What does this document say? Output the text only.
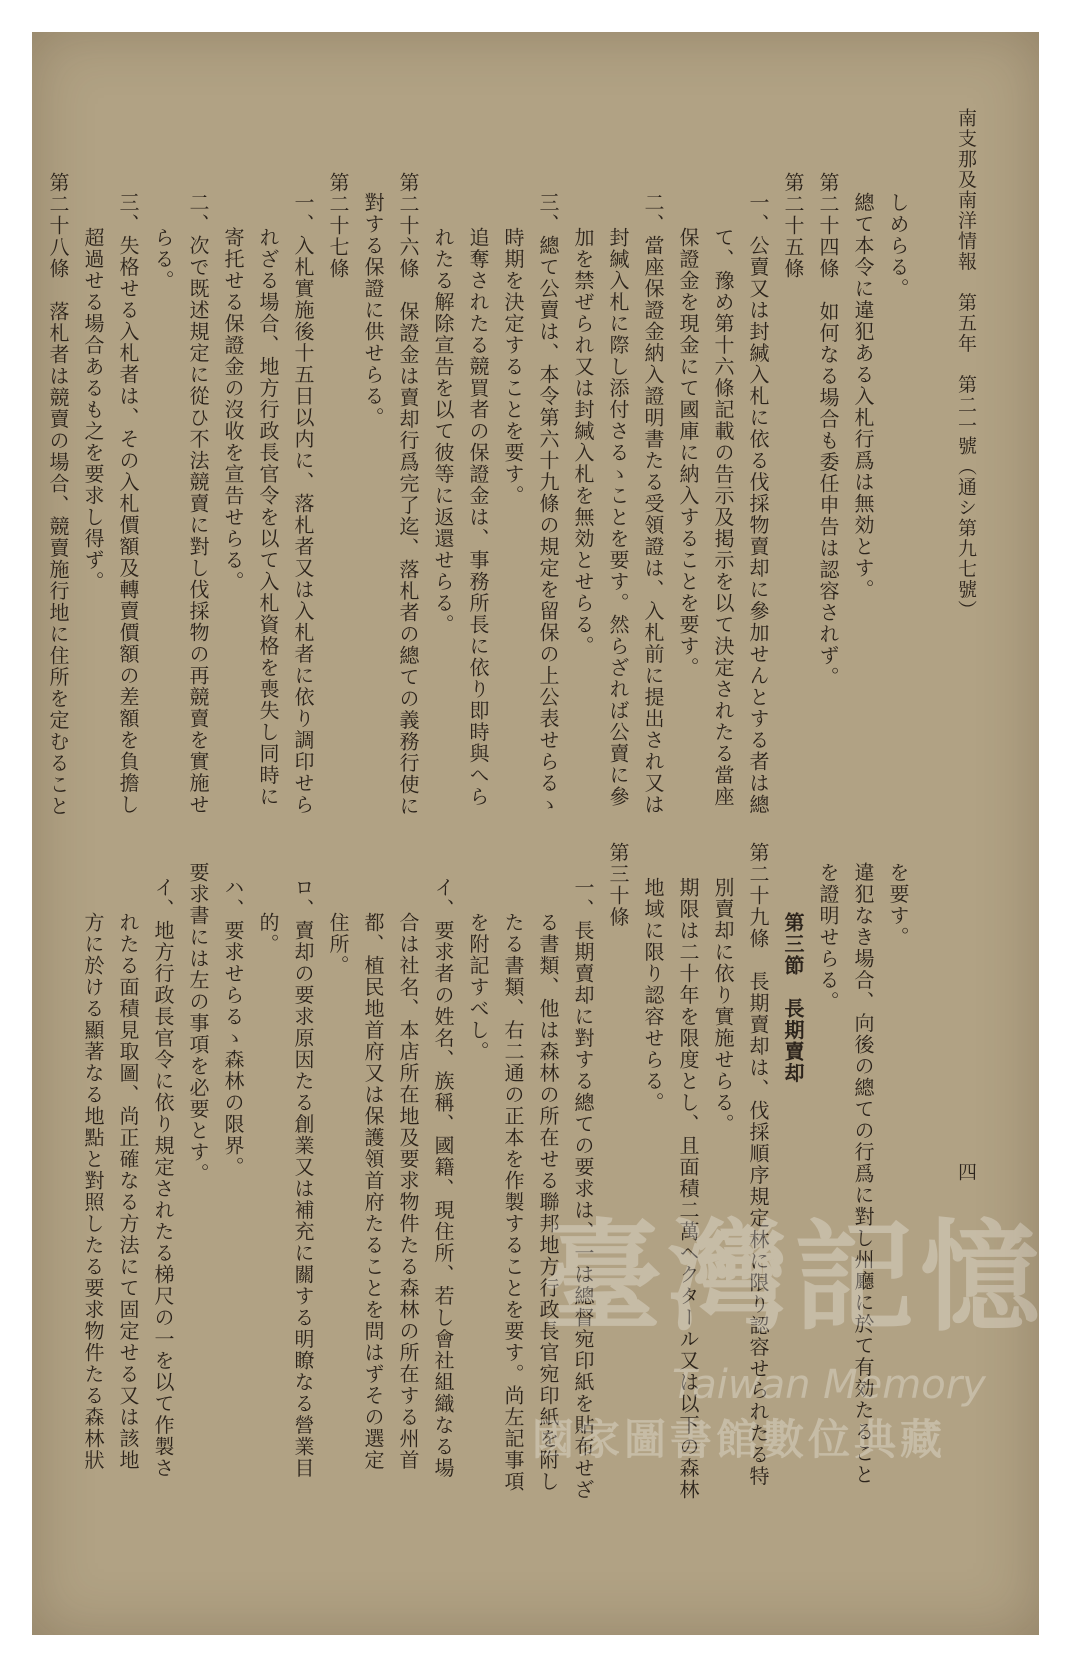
南支那及南洋情報　第五年　第二一號（通シ第九七號）
四
しめらる。
總て本令に違犯ある入札行爲は無効とす。
第二十四條　如何なる場合も委任申告は認容されず。
第二十五條
一、公賣又は封緘入札に依る伐採物賣却に參加せんとする者は總
て、豫め第十六條記載の告示及掲示を以て決定されたる當座
保證金を現金にて國庫に納入することを要す。
二、當座保證金納入證明書たる受領證は、入札前に提出され又は
封緘入札に際し添付さるゝことを要す。然らざれば公賣に參
加を禁ぜられ又は封緘入札を無効とせらる。
三、總て公賣は、本令第六十九條の規定を留保の上公表せらるゝ
時期を決定することを要す。
追奪されたる競買者の保證金は、事務所長に依り即時與へら
れたる解除宣告を以て彼等に返還せらる。
第二十六條　保證金は賣却行爲完了迄、落札者の總ての義務行使に
對する保證に供せらる。
第二十七條
一、入札實施後十五日以内に、落札者又は入札者に依り調印せら
れざる場合、地方行政長官令を以て入札資格を喪失し同時に
寄托せる保證金の沒收を宣告せらる。
二、次で既述規定に從ひ不法競賣に對し伐採物の再競賣を實施せ
らる。
三、失格せる入札者は、その入札價額及轉賣價額の差額を負擔し
超過せる場合あるも之を要求し得ず。
第二十八條　落札者は競賣の場合、競賣施行地に住所を定むること
を要す。
違犯なき場合、向後の總ての行爲に對し州廳に於て有効たること
を證明せらる。
第三節　長期賣却
第二十九條　長期賣却は、伐採順序規定林に限り認容せられたる特
別賣却に依り實施せらる。
期限は二十年を限度とし、且面積二萬ヘクタール又は以下の森林
地域に限り認容せらる。
第三十條
一、長期賣却に對する總ての要求は、一は總督宛印紙を貼布せざ
る書類、他は森林の所在せる聯邦地方行政長官宛印紙を附し
たる書類、右二通の正本を作製することを要す。尚左記事項
を附記すべし。
イ、要求者の姓名、族稱、國籍、現住所、若し會社組織なる場
合は社名、本店所在地及要求物件たる森林の所在する州首
都、植民地首府又は保護領首府たることを問はずその選定
住所。
ロ、賣却の要求原因たる創業又は補充に關する明瞭なる營業目
的。
ハ、要求せらるゝ森林の限界。
要求書には左の事項を必要とす。
イ、地方行政長官令に依り規定されたる梯尺の一を以て作製さ
れたる面積見取圖、尚正確なる方法にて固定せる又は該地
方に於ける顯著なる地點と對照したる要求物件たる森林狀	臺灣記憶
Taiwan Memory
國家圖書館數位典藏
